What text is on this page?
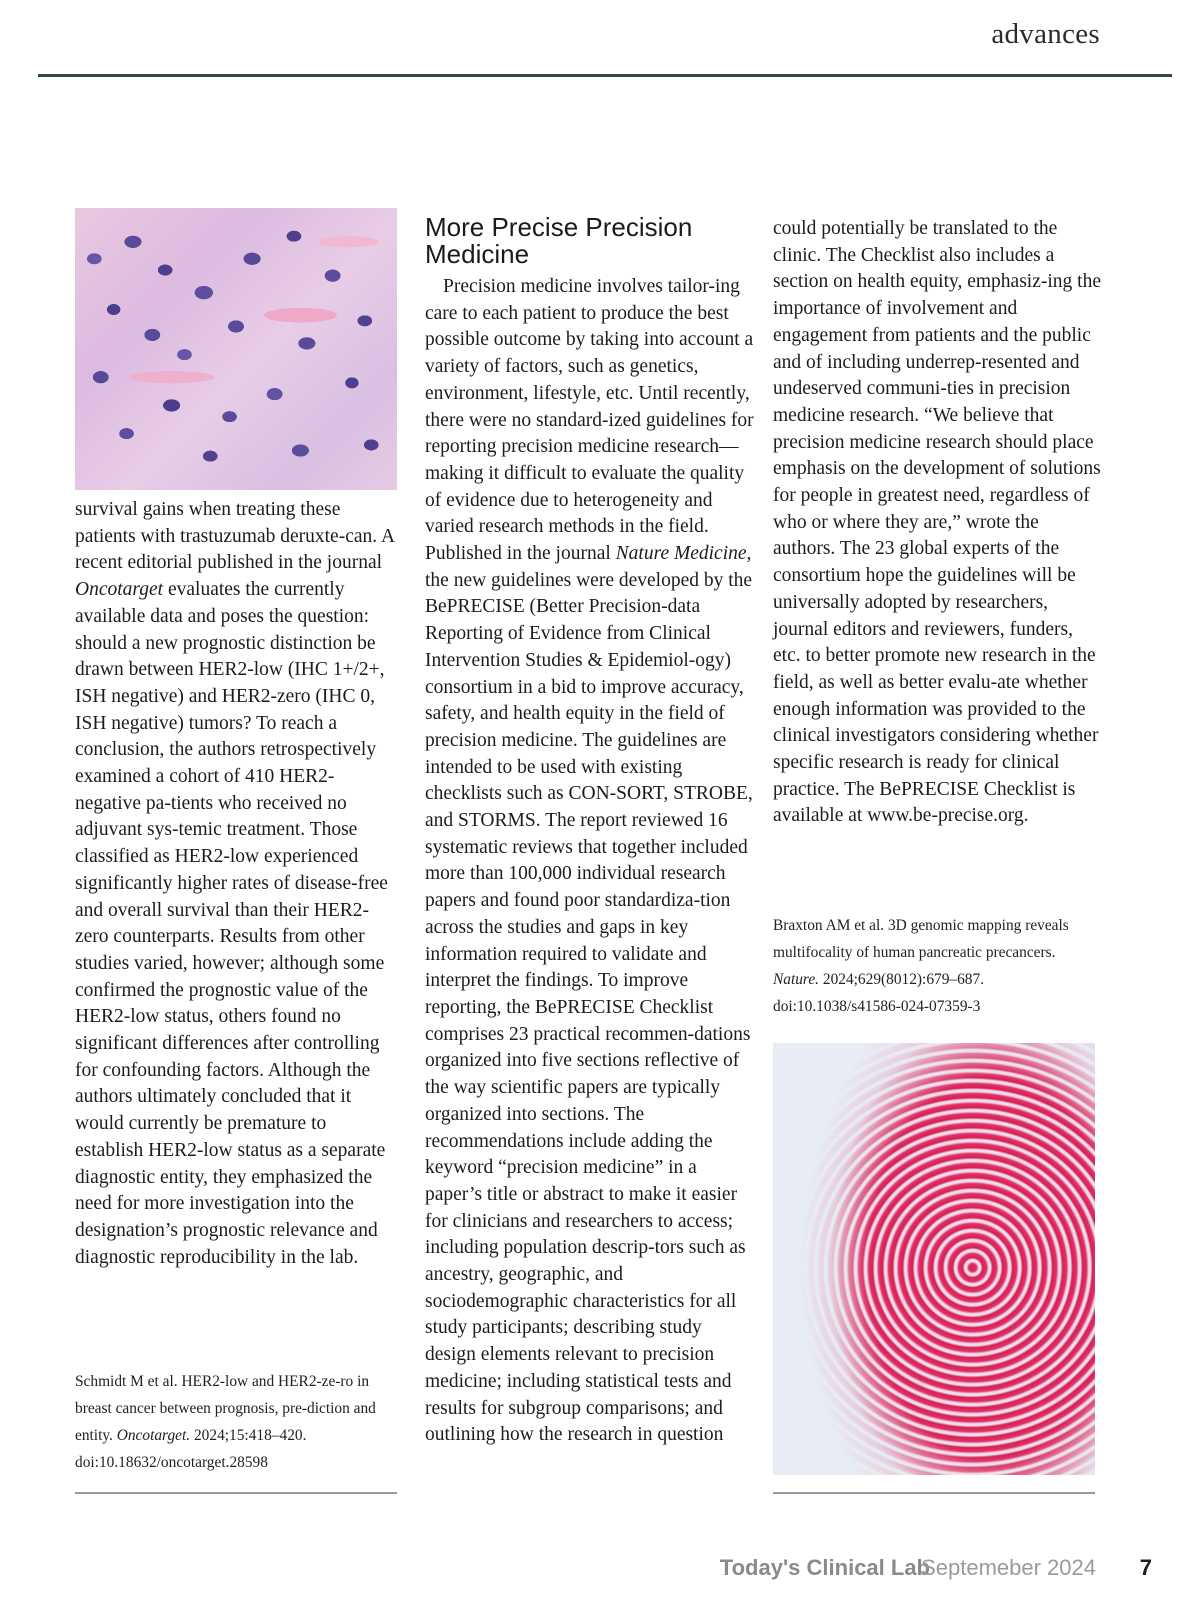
advances

survival gains when treating these patients with trastuzumab deruxte-can. A recent editorial published in the journal Oncotarget evaluates the currently available data and poses the question: should a new prognostic distinction be drawn between HER2-low (IHC 1+/2+, ISH negative) and HER2-zero (IHC 0, ISH negative) tumors? To reach a conclusion, the authors retrospectively examined a cohort of 410 HER2-negative pa-tients who received no adjuvant sys-temic treatment. Those classified as HER2-low experienced significantly higher rates of disease-free and overall survival than their HER2-zero counterparts. Results from other studies varied, however; although some confirmed the prognostic value of the HER2-low status, others found no significant differences after controlling for confounding factors. Although the authors ultimately concluded that it would currently be premature to establish HER2-low status as a separate diagnostic entity, they emphasized the need for more investigation into the designation’s prognostic relevance and diagnostic reproducibility in the lab.

Schmidt M et al. HER2-low and HER2-ze-ro in breast cancer between prognosis, pre-diction and entity. Oncotarget. 2024;15:418–420. doi:10.18632/oncotarget.28598
More Precise Precision Medicine

Precision medicine involves tailor-ing care to each patient to produce the best possible outcome by taking into account a variety of factors, such as genetics, environment, lifestyle, etc. Until recently, there were no standard-ized guidelines for reporting precision medicine research—making it difficult to evaluate the quality of evidence due to heterogeneity and varied research methods in the field. Published in the journal Nature Medicine, the new guidelines were developed by the BePRECISE (Better Precision-data Reporting of Evidence from Clinical Intervention Studies & Epidemiol-ogy) consortium in a bid to improve accuracy, safety, and health equity in the field of precision medicine. The guidelines are intended to be used with existing checklists such as CON-SORT, STROBE, and STORMS. The report reviewed 16 systematic reviews that together included more than 100,000 individual research papers and found poor standardiza-tion across the studies and gaps in key information required to validate and interpret the findings. To improve reporting, the BePRECISE Checklist comprises 23 practical recommen-dations organized into five sections reflective of the way scientific papers are typically organized into sections. The recommendations include adding the keyword “precision medicine” in a paper’s title or abstract to make it easier for clinicians and researchers to access; including population descrip-tors such as ancestry, geographic, and sociodemographic characteristics for all study participants; describing study design elements relevant to precision medicine; including statistical tests and results for subgroup comparisons; and outlining how the research in question

could potentially be translated to the clinic. The Checklist also includes a section on health equity, emphasiz-ing the importance of involvement and engagement from patients and the public and of including underrep-resented and undeserved communi-ties in precision medicine research. “We believe that precision medicine research should place emphasis on the development of solutions for people in greatest need, regardless of who or where they are,” wrote the authors. The 23 global experts of the consortium hope the guidelines will be universally adopted by researchers, journal editors and reviewers, funders, etc. to better promote new research in the field, as well as better evalu-ate whether enough information was provided to the clinical investigators considering whether specific research is ready for clinical practice. The BePRECISE Checklist is available at www.be-precise.org.

Braxton AM et al. 3D genomic mapping reveals multifocality of human pancreatic precancers. Nature. 2024;629(8012):679–687. doi:10.1038/s41586-024-07359-3
Today's Clinical Lab
Septemeber 2024 7
